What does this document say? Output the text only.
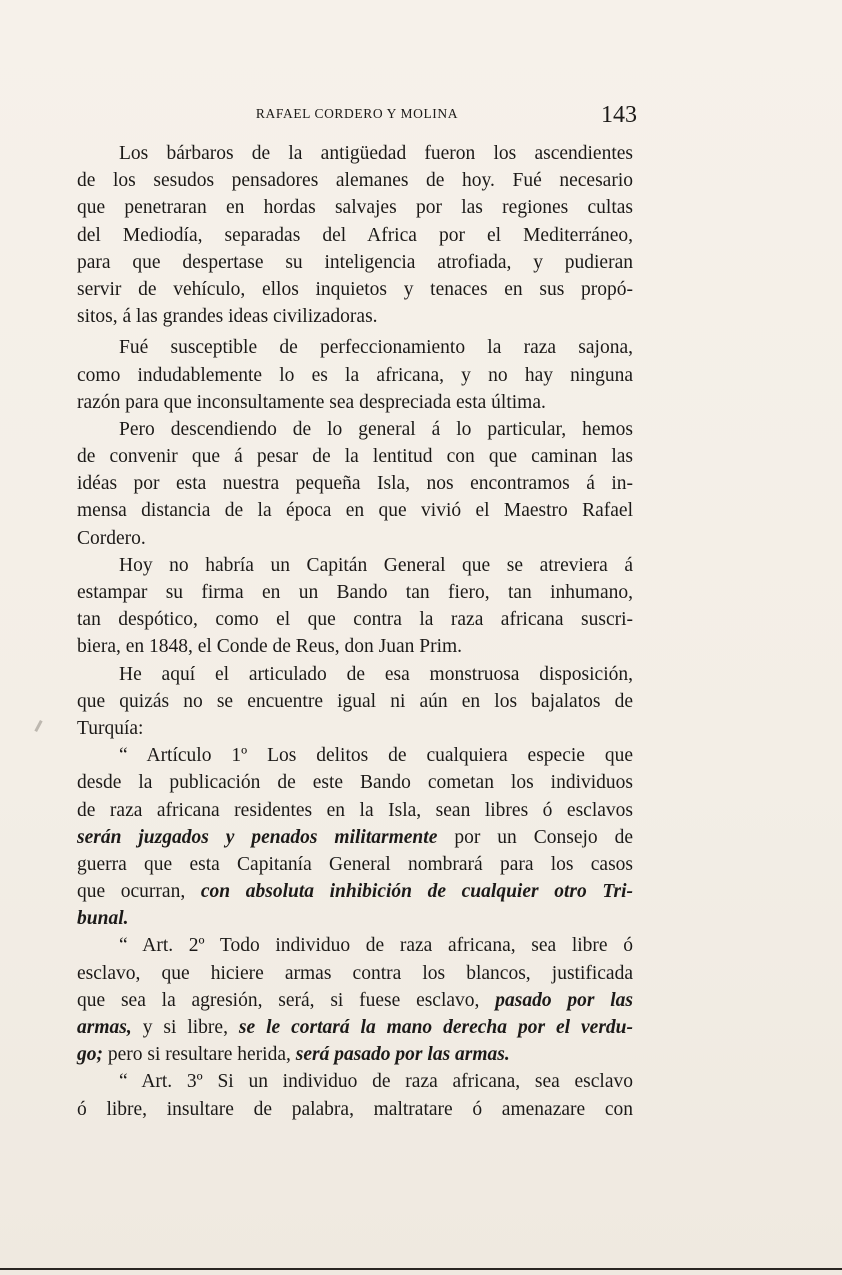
RAFAEL CORDERO Y MOLINA	143
Los bárbaros de la antigüedad fueron los ascendientes
de los sesudos pensadores alemanes de hoy. Fué necesario
que penetraran en hordas salvajes por las regiones cultas
del Mediodía, separadas del Africa por el Mediterráneo,
para que despertase su inteligencia atrofiada, y pudieran
servir de vehículo, ellos inquietos y tenaces en sus propó-
sitos, á las grandes ideas civilizadoras.
Fué susceptible de perfeccionamiento la raza sajona,
como indudablemente lo es la africana, y no hay ninguna
razón para que inconsultamente sea despreciada esta última.
Pero descendiendo de lo general á lo particular, hemos
de convenir que á pesar de la lentitud con que caminan las
idéas por esta nuestra pequeña Isla, nos encontramos á in-
mensa distancia de la época en que vivió el Maestro Rafael
Cordero.
Hoy no habría un Capitán General que se atreviera á
estampar su firma en un Bando tan fiero, tan inhumano,
tan despótico, como el que contra la raza africana suscri-
biera, en 1848, el Conde de Reus, don Juan Prim.
He aquí el articulado de esa monstruosa disposición,
que quizás no se encuentre igual ni aún en los bajalatos de
Turquía:
“ Artículo 1º Los delitos de cualquiera especie que
desde la publicación de este Bando cometan los individuos
de raza africana residentes en la Isla, sean libres ó esclavos
serán juzgados y penados militarmente por un Consejo de
guerra que esta Capitanía General nombrará para los casos
que ocurran, con absoluta inhibición de cualquier otro Tri-
bunal.
“ Art. 2º Todo individuo de raza africana, sea libre ó
esclavo, que hiciere armas contra los blancos, justificada
que sea la agresión, será, si fuese esclavo, pasado por las
armas, y si libre, se le cortará la mano derecha por el verdu-
go; pero si resultare herida, será pasado por las armas.
“ Art. 3º Si un individuo de raza africana, sea esclavo
ó libre, insultare de palabra, maltratare ó amenazare con
